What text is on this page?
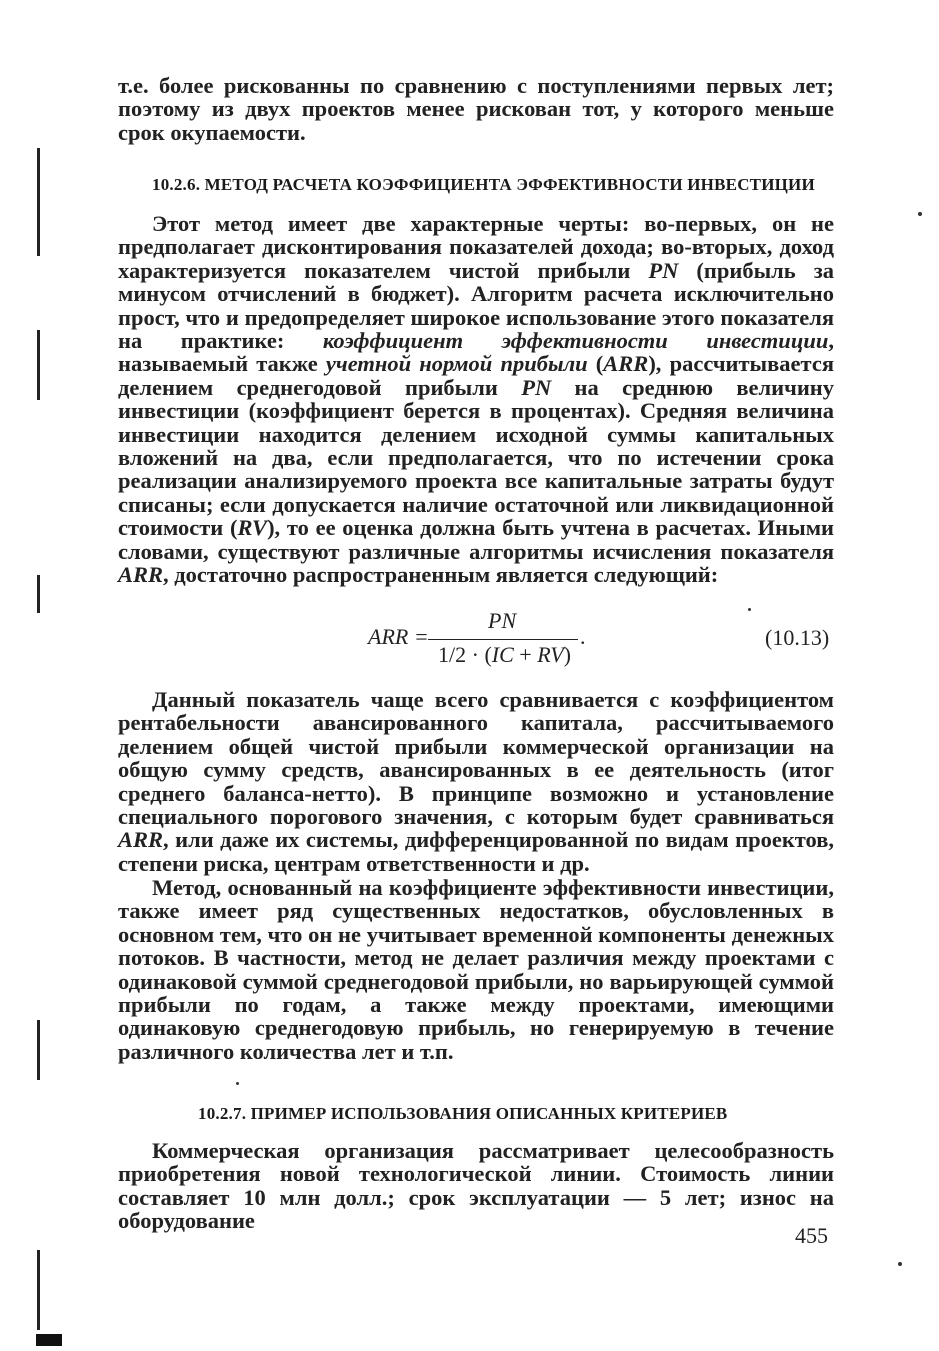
т.е. более рискованны по сравнению с поступлениями первых лет; поэтому из двух проектов менее рискован тот, у которого меньше срок окупаемости.

10.2.6. МЕТОД РАСЧЕТА КОЭФФИЦИЕНТА ЭФФЕКТИВНОСТИ ИНВЕСТИЦИИ

Этот метод имеет две характерные черты: во-первых, он не предполагает дисконтирования показателей дохода; во-вторых, доход характеризуется показателем чистой прибыли PN (прибыль за минусом отчислений в бюджет). Алгоритм расчета исключительно прост, что и предопределяет широкое использование этого показателя на практике: коэффициент эффективности инвестиции, называемый также учетной нормой прибыли (ARR), рассчитывается делением среднегодовой прибыли PN на среднюю величину инвестиции (коэффициент берется в процентах). Средняя величина инвестиции находится делением исходной суммы капитальных вложений на два, если предполагается, что по истечении срока реализации анализируемого проекта все капитальные затраты будут списаны; если допускается наличие остаточной или ликвидационной стоимости (RV), то ее оценка должна быть учтена в расчетах. Иными словами, существуют различные алгоритмы исчисления показателя ARR, достаточно распространенным является следующий:

ARR =
PN
1/2 · (IC + RV)
.	(10.13)

Данный показатель чаще всего сравнивается с коэффициентом рентабельности авансированного капитала, рассчитываемого делением общей чистой прибыли коммерческой организации на общую сумму средств, авансированных в ее деятельность (итог среднего баланса-нетто). В принципе возможно и установление специального порогового значения, с которым будет сравниваться ARR, или даже их системы, дифференцированной по видам проектов, степени риска, центрам ответственности и др.

Метод, основанный на коэффициенте эффективности инвестиции, также имеет ряд существенных недостатков, обусловленных в основном тем, что он не учитывает временной компоненты денежных потоков. В частности, метод не делает различия между проектами с одинаковой суммой среднегодовой прибыли, но варьирующей суммой прибыли по годам, а также между проектами, имеющими одинаковую среднегодовую прибыль, но генерируемую в течение различного количества лет и т.п.

10.2.7. ПРИМЕР ИСПОЛЬЗОВАНИЯ ОПИСАННЫХ КРИТЕРИЕВ

Коммерческая организация рассматривает целесообразность приобретения новой технологической линии. Стоимость линии составляет 10 млн долл.; срок эксплуатации — 5 лет; износ на оборудование

455
